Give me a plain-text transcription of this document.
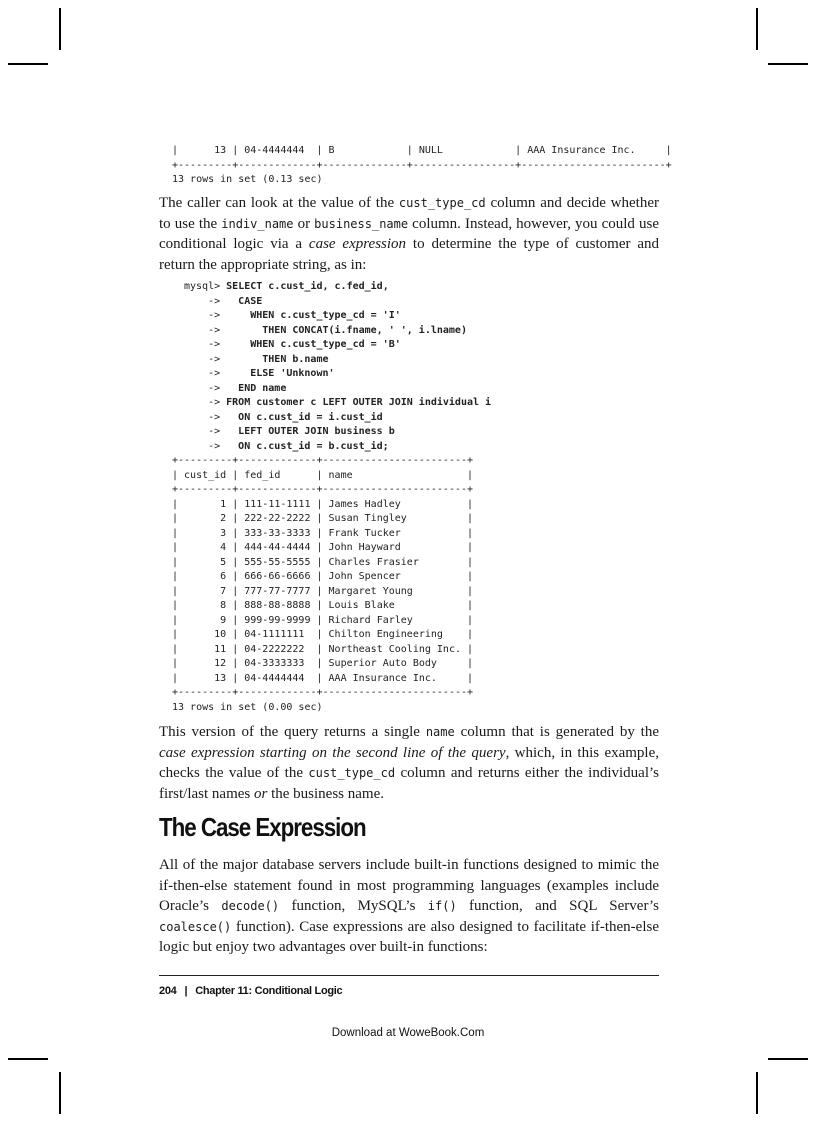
|      13 | 04-4444444  | B            | NULL            | AAA Insurance Inc.     |
+---------+-------------+--------------+-----------------+------------------------+
13 rows in set (0.13 sec)

The caller can look at the value of the cust_type_cd column and decide whether to use the indiv_name or business_name column. Instead, however, you could use conditional logic via a case expression to determine the type of customer and return the appropriate string, as in:

mysql> SELECT c.cust_id, c.fed_id,
->   CASE
->     WHEN c.cust_type_cd = 'I'
->       THEN CONCAT(i.fname, ' ', i.lname)
->     WHEN c.cust_type_cd = 'B'
->       THEN b.name
->     ELSE 'Unknown'
->   END name
-> FROM customer c LEFT OUTER JOIN individual i
->   ON c.cust_id = i.cust_id
->   LEFT OUTER JOIN business b
->   ON c.cust_id = b.cust_id;
+---------+-------------+------------------------+
| cust_id | fed_id      | name                   |
+---------+-------------+------------------------+
|       1 | 111-11-1111 | James Hadley           |
|       2 | 222-22-2222 | Susan Tingley          |
|       3 | 333-33-3333 | Frank Tucker           |
|       4 | 444-44-4444 | John Hayward           |
|       5 | 555-55-5555 | Charles Frasier        |
|       6 | 666-66-6666 | John Spencer           |
|       7 | 777-77-7777 | Margaret Young         |
|       8 | 888-88-8888 | Louis Blake            |
|       9 | 999-99-9999 | Richard Farley         |
|      10 | 04-1111111  | Chilton Engineering    |
|      11 | 04-2222222  | Northeast Cooling Inc. |
|      12 | 04-3333333  | Superior Auto Body     |
|      13 | 04-4444444  | AAA Insurance Inc.     |
+---------+-------------+------------------------+
13 rows in set (0.00 sec)

This version of the query returns a single name column that is generated by the case expression starting on the second line of the query, which, in this example, checks the value of the cust_type_cd column and returns either the individual’s first/last names or the business name.

The Case Expression

All of the major database servers include built-in functions designed to mimic the if-then-else statement found in most programming languages (examples include Oracle’s decode() function, MySQL’s if() function, and SQL Server’s coalesce() function). Case expressions are also designed to facilitate if-then-else logic but enjoy two advantages over built-in functions:

204 | Chapter 11: Conditional Logic
Download at WoweBook.Com
